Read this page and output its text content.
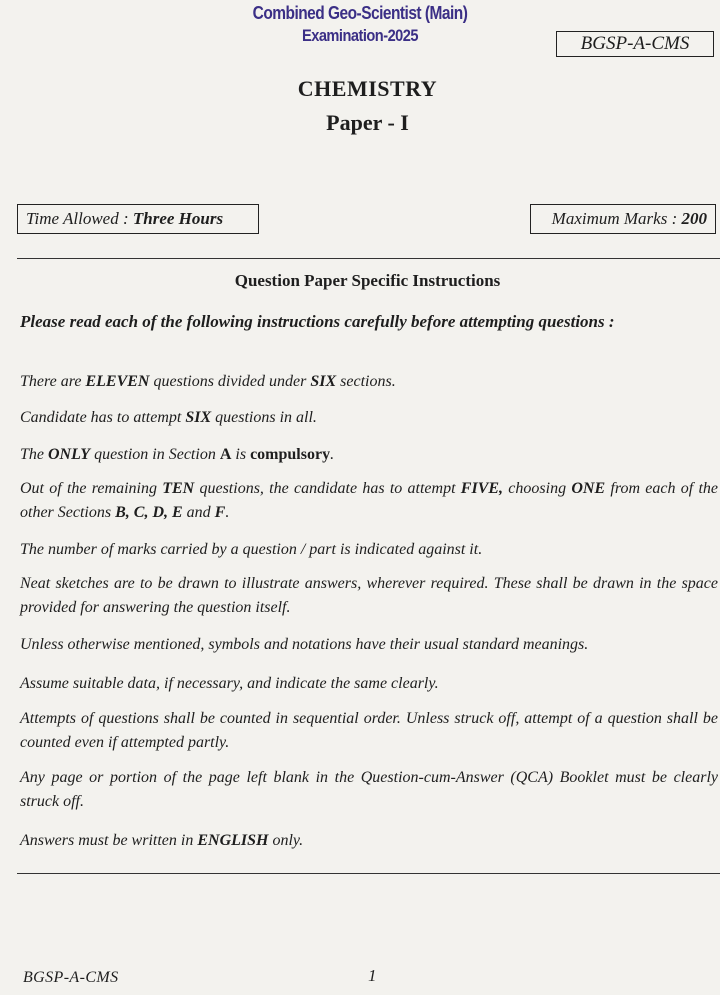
Combined Geo-Scientist (Main)
Examination-2025	BGSP-A-CMS
CHEMISTRY
Paper - I
Time Allowed : Three Hours	Maximum Marks : 200
Question Paper Specific Instructions

Please read each of the following instructions carefully before attempting questions :

There are ELEVEN questions divided under SIX sections.

Candidate has to attempt SIX questions in all.

The ONLY question in Section A is compulsory.

Out of the remaining TEN questions, the candidate has to attempt FIVE, choosing ONE from each of the other Sections B, C, D, E and F.

The number of marks carried by a question / part is indicated against it.

Neat sketches are to be drawn to illustrate answers, wherever required. These shall be drawn in the space provided for answering the question itself.

Unless otherwise mentioned, symbols and notations have their usual standard meanings.

Assume suitable data, if necessary, and indicate the same clearly.

Attempts of questions shall be counted in sequential order. Unless struck off, attempt of a question shall be counted even if attempted partly.

Any page or portion of the page left blank in the Question-cum-Answer (QCA) Booklet must be clearly struck off.

Answers must be written in ENGLISH only.

BGSP-A-CMS	1
